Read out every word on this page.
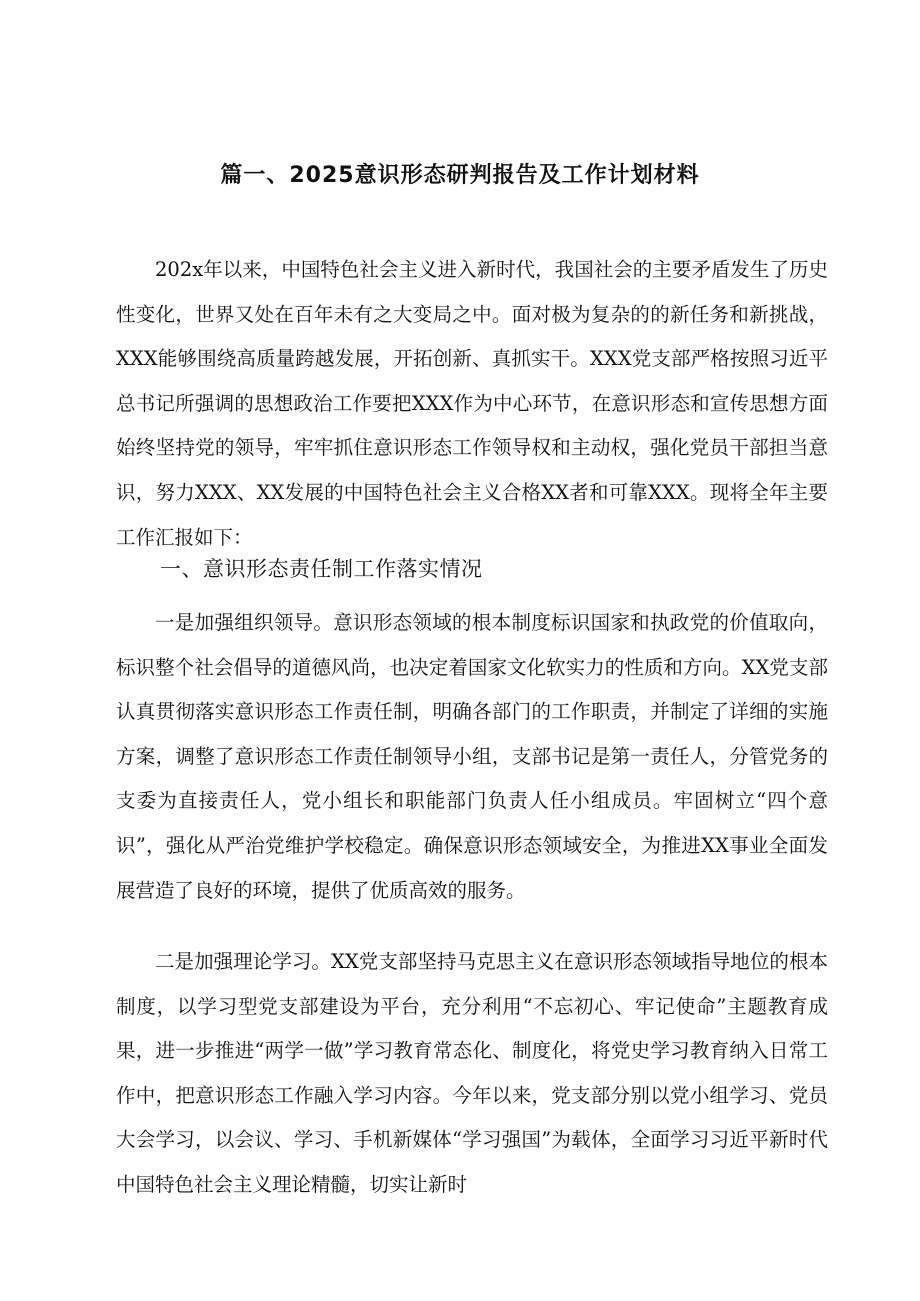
篇一、2025意识形态研判报告及工作计划材料

202x年以来，中国特色社会主义进入新时代，我国社会的主要矛盾发生了历史性变化，世界又处在百年未有之大变局之中。面对极为复杂的的新任务和新挑战，XXX能够围绕高质量跨越发展，开拓创新、真抓实干。XXX党支部严格按照习近平总书记所强调的思想政治工作要把XXX作为中心环节，在意识形态和宣传思想方面始终坚持党的领导，牢牢抓住意识形态工作领导权和主动权，强化党员干部担当意识，努力XXX、XX发展的中国特色社会主义合格XX者和可靠XXX。现将全年主要工作汇报如下：

一、意识形态责任制工作落实情况

一是加强组织领导。意识形态领域的根本制度标识国家和执政党的价值取向，标识整个社会倡导的道德风尚，也决定着国家文化软实力的性质和方向。XX党支部认真贯彻落实意识形态工作责任制，明确各部门的工作职责，并制定了详细的实施方案，调整了意识形态工作责任制领导小组，支部书记是第一责任人，分管党务的支委为直接责任人，党小组长和职能部门负责人任小组成员。牢固树立“四个意识”，强化从严治党维护学校稳定。确保意识形态领域安全，为推进XX事业全面发展营造了良好的环境，提供了优质高效的服务。

二是加强理论学习。XX党支部坚持马克思主义在意识形态领域指导地位的根本制度，以学习型党支部建设为平台，充分利用“不忘初心、牢记使命”主题教育成果，进一步推进“两学一做”学习教育常态化、制度化，将党史学习教育纳入日常工作中，把意识形态工作融入学习内容。今年以来，党支部分别以党小组学习、党员大会学习，以会议、学习、手机新媒体“学习强国”为载体，全面学习习近平新时代中国特色社会主义理论精髓，切实让新时
